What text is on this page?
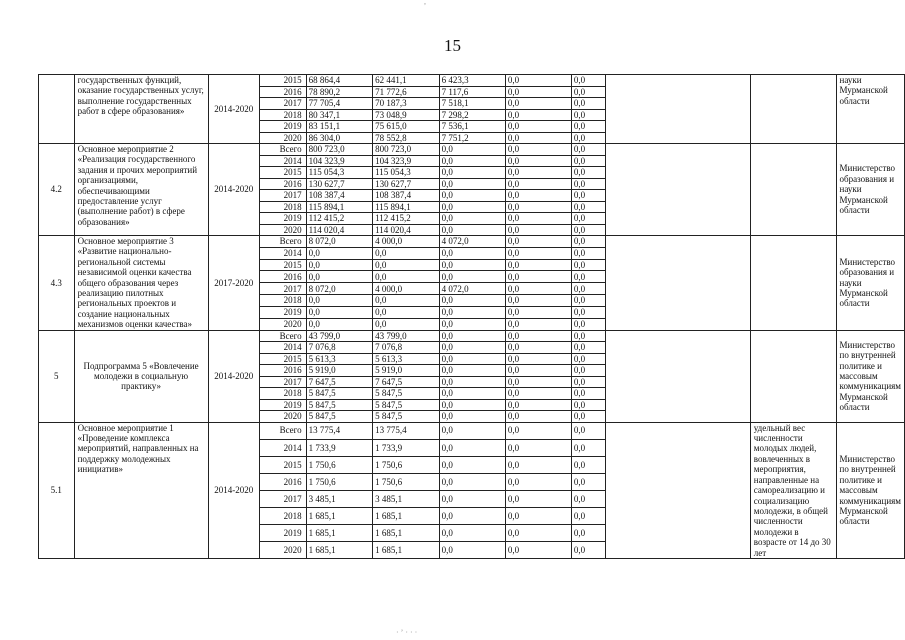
15
,
	государственных функций, оказание государственных услуг, выполнение государственных работ в сфере образования»	2014-2020	2015	68 864,4	62 441,1	6 423,3	0,0	0,0			науки Мурманской области
			2016	78 890,2	71 772,6	7 117,6	0,0	0,0			
			2017	77 705,4	70 187,3	7 518,1	0,0	0,0			
			2018	80 347,1	73 048,9	7 298,2	0,0	0,0			
			2019	83 151,1	75 615,0	7 536,1	0,0	0,0			
			2020	86 304,0	78 552,8	7 751,2	0,0	0,0			
4.2	Основное мероприятие 2 «Реализация государственного задания и прочих мероприятий организациями, обеспечивающими предоставление услуг (выполнение работ) в сфере образования»	2014-2020	Всего	800 723,0	800 723,0	0,0	0,0	0,0			Министерство образования и науки Мурманской области
			2014	104 323,9	104 323,9	0,0	0,0	0,0			
			2015	115 054,3	115 054,3	0,0	0,0	0,0			
			2016	130 627,7	130 627,7	0,0	0,0	0,0			
			2017	108 387,4	108 387,4	0,0	0,0	0,0			
			2018	115 894,1	115 894,1	0,0	0,0	0,0			
			2019	112 415,2	112 415,2	0,0	0,0	0,0			
			2020	114 020,4	114 020,4	0,0	0,0	0,0			
4.3	Основное мероприятие 3 «Развитие национально-региональной системы независимой оценки качества общего образования через реализацию пилотных региональных проектов и создание национальных механизмов оценки качества»	2017-2020	Всего	8 072,0	4 000,0	4 072,0	0,0	0,0			Министерство образования и науки Мурманской области
			2014	0,0	0,0	0,0	0,0	0,0			
			2015	0,0	0,0	0,0	0,0	0,0			
			2016	0,0	0,0	0,0	0,0	0,0			
			2017	8 072,0	4 000,0	4 072,0	0,0	0,0			
			2018	0,0	0,0	0,0	0,0	0,0			
			2019	0,0	0,0	0,0	0,0	0,0			
			2020	0,0	0,0	0,0	0,0	0,0			
5	Подпрограмма 5 «Вовлечение молодежи в социальную практику»	2014-2020	Всего	43 799,0	43 799,0	0,0	0,0	0,0			Министерство по внутренней политике и массовым коммуникациям Мурманской области
			2014	7 076,8	7 076,8	0,0	0,0	0,0			
			2015	5 613,3	5 613,3	0,0	0,0	0,0			
			2016	5 919,0	5 919,0	0,0	0,0	0,0			
			2017	7 647,5	7 647,5	0,0	0,0	0,0			
			2018	5 847,5	5 847,5	0,0	0,0	0,0			
			2019	5 847,5	5 847,5	0,0	0,0	0,0			
			2020	5 847,5	5 847,5	0,0	0,0	0,0			
5.1	Основное мероприятие 1 «Проведение комплекса мероприятий, направленных на поддержку молодежных инициатив»	2014-2020	Всего	13 775,4	13 775,4	0,0	0,0	0,0		удельный вес численности молодых людей, вовлеченных в мероприятия, направленные на самореализацию и социализацию молодежи, в общей численности молодежи в возрасте от 14 до 30 лет	Министерство по внутренней политике и массовым коммуникациям Мурманской области
			2014	1 733,9	1 733,9	0,0	0,0	0,0			
			2015	1 750,6	1 750,6	0,0	0,0	0,0			
			2016	1 750,6	1 750,6	0,0	0,0	0,0			
			2017	3 485,1	3 485,1	0,0	0,0	0,0			
			2018	1 685,1	1 685,1	0,0	0,0	0,0			
			2019	1 685,1	1 685,1	0,0	0,0	0,0			
			2020	1 685,1	1 685,1	0,0	0,0	0,0			
· ʼ · · ·
